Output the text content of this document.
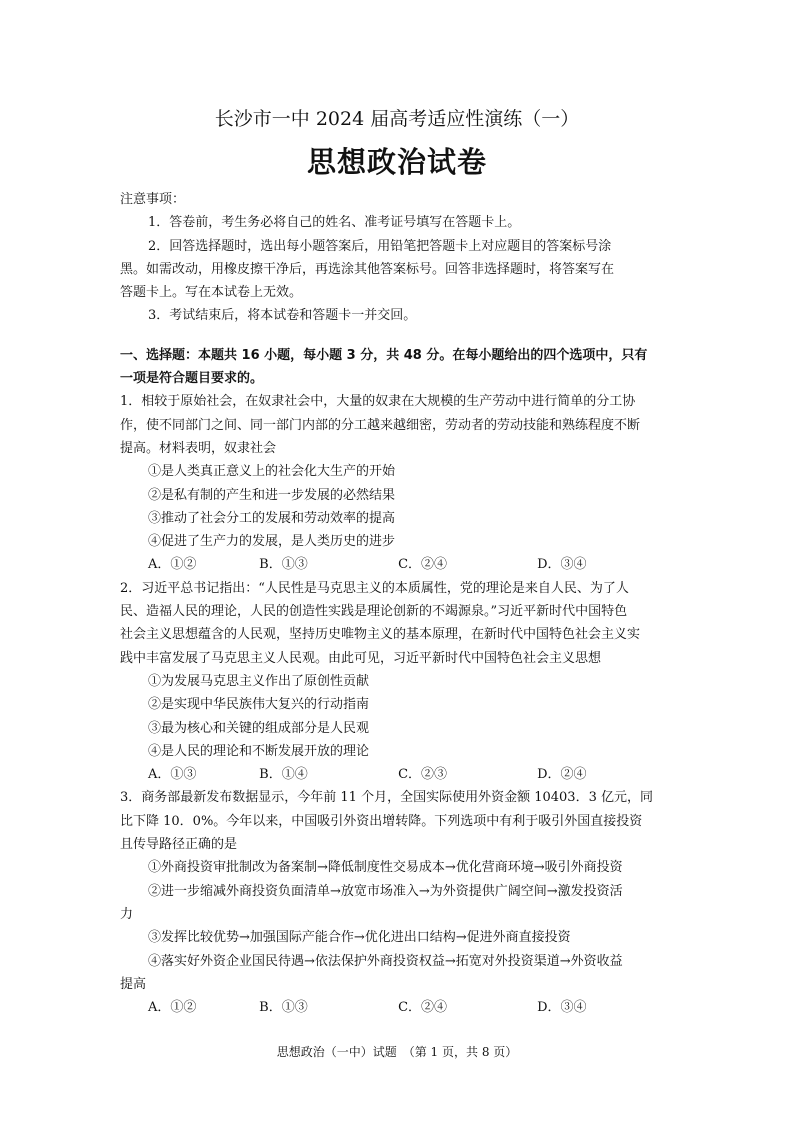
长沙市一中 2024 届高考适应性演练（一）
思想政治试卷
注意事项：
1．答卷前，考生务必将自己的姓名、准考证号填写在答题卡上。
2．回答选择题时，选出每小题答案后，用铅笔把答题卡上对应题目的答案标号涂
黑。如需改动，用橡皮擦干净后，再选涂其他答案标号。回答非选择题时，将答案写在
答题卡上。写在本试卷上无效。
3．考试结束后，将本试卷和答题卡一并交回。
一、选择题：本题共 16 小题，每小题 3 分，共 48 分。在每小题给出的四个选项中，只有
一项是符合题目要求的。
1．相较于原始社会，在奴隶社会中，大量的奴隶在大规模的生产劳动中进行简单的分工协
作，使不同部门之间、同一部门内部的分工越来越细密，劳动者的劳动技能和熟练程度不断
提高。材料表明，奴隶社会
①是人类真正意义上的社会化大生产的开始
②是私有制的产生和进一步发展的必然结果
③推动了社会分工的发展和劳动效率的提高
④促进了生产力的发展，是人类历史的进步
A．①②	B．①③	C．②④	D．③④
2．习近平总书记指出：“人民性是马克思主义的本质属性，党的理论是来自人民、为了人
民、造福人民的理论，人民的创造性实践是理论创新的不竭源泉。”习近平新时代中国特色
社会主义思想蕴含的人民观，坚持历史唯物主义的基本原理，在新时代中国特色社会主义实
践中丰富发展了马克思主义人民观。由此可见，习近平新时代中国特色社会主义思想
①为发展马克思主义作出了原创性贡献
②是实现中华民族伟大复兴的行动指南
③最为核心和关键的组成部分是人民观
④是人民的理论和不断发展开放的理论
A．①③	B．①④	C．②③	D．②④
3．商务部最新发布数据显示，今年前 11 个月，全国实际使用外资金额 10403．3 亿元，同
比下降 10．0%。今年以来，中国吸引外资出增转降。下列选项中有利于吸引外国直接投资
且传导路径正确的是
①外商投资审批制改为备案制→降低制度性交易成本→优化营商环境→吸引外商投资
②进一步缩减外商投资负面清单→放宽市场准入→为外资提供广阔空间→激发投资活
力
③发挥比较优势→加强国际产能合作→优化进出口结构→促进外商直接投资
④落实好外资企业国民待遇→依法保护外商投资权益→拓宽对外投资渠道→外资收益
提高
A．①②	B．①③	C．②④	D．③④
思想政治（一中）试题　（第 1 页，共 8 页）
